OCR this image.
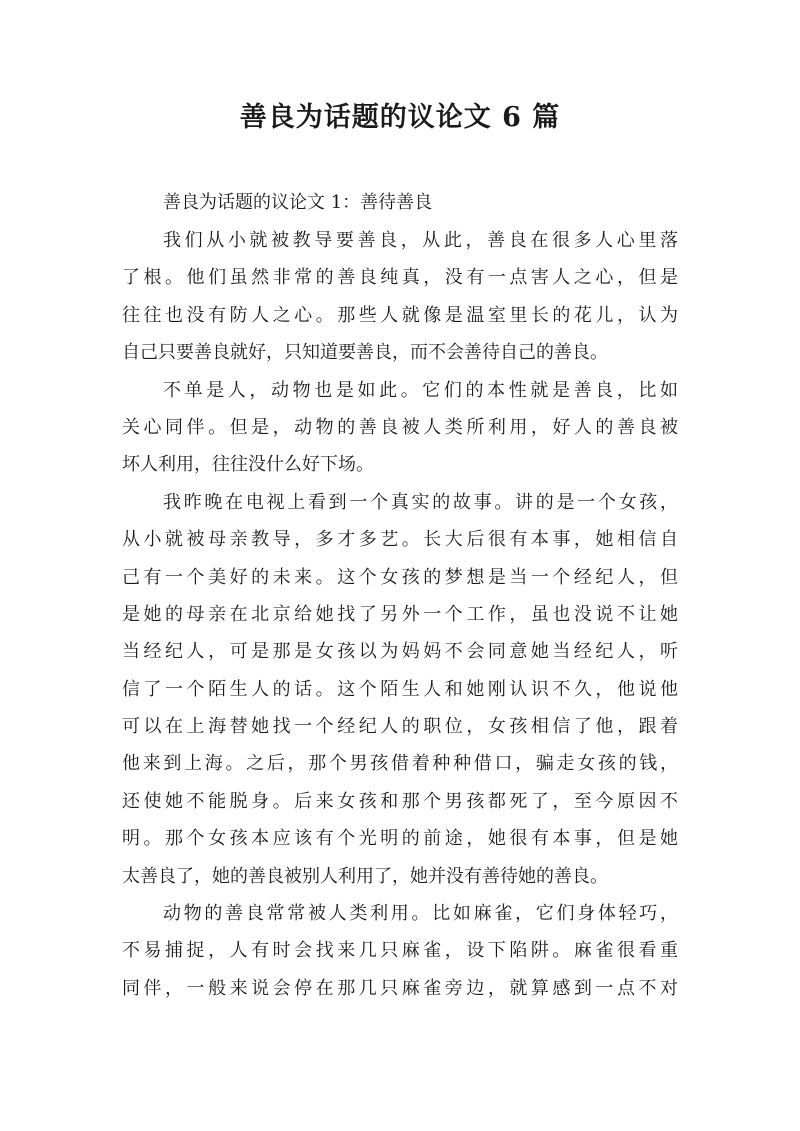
善良为话题的议论文 6 篇

善良为话题的议论文 1：善待善良

我们从小就被教导要善良，从此，善良在很多人心里落
了根。他们虽然非常的善良纯真，没有一点害人之心，但是
往往也没有防人之心。那些人就像是温室里长的花儿，认为
自己只要善良就好，只知道要善良，而不会善待自己的善良。

不单是人，动物也是如此。它们的本性就是善良，比如
关心同伴。但是，动物的善良被人类所利用，好人的善良被
坏人利用，往往没什么好下场。

我昨晚在电视上看到一个真实的故事。讲的是一个女孩，
从小就被母亲教导，多才多艺。长大后很有本事，她相信自
己有一个美好的未来。这个女孩的梦想是当一个经纪人，但
是她的母亲在北京给她找了另外一个工作，虽也没说不让她
当经纪人，可是那是女孩以为妈妈不会同意她当经纪人，听
信了一个陌生人的话。这个陌生人和她刚认识不久，他说他
可以在上海替她找一个经纪人的职位，女孩相信了他，跟着
他来到上海。之后，那个男孩借着种种借口，骗走女孩的钱，
还使她不能脱身。后来女孩和那个男孩都死了，至今原因不
明。那个女孩本应该有个光明的前途，她很有本事，但是她
太善良了，她的善良被别人利用了，她并没有善待她的善良。

动物的善良常常被人类利用。比如麻雀，它们身体轻巧，
不易捕捉，人有时会找来几只麻雀，设下陷阱。麻雀很看重
同伴，一般来说会停在那几只麻雀旁边，就算感到一点不对
